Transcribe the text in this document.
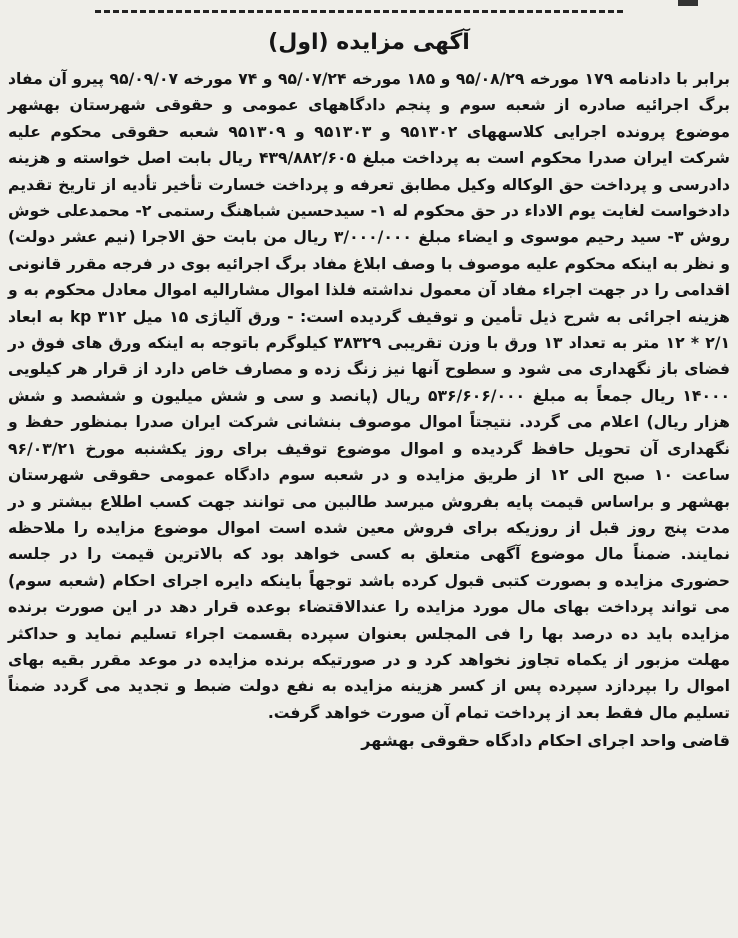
آگهی مزایده (اول)

برابر با دادنامه ۱۷۹ مورخه ۹۵/۰۸/۲۹ و ۱۸۵ مورخه ۹۵/۰۷/۲۴ و ۷۴ مورخه ۹۵/۰۹/۰۷ پیرو آن مفاد برگ اجرائیه صادره از شعبه سوم و پنجم دادگاههای عمومی و حقوقی شهرستان بهشهر موضوع پرونده اجرایی کلاسههای ۹۵۱۳۰۲ و ۹۵۱۳۰۳ و ۹۵۱۳۰۹ شعبه حقوقی محکوم علیه شرکت ایران صدرا محکوم است به پرداخت مبلغ ۴۳۹/۸۸۲/۶۰۵ ریال بابت اصل خواسته و هزینه دادرسی و پرداخت حق الوکاله وکیل مطابق تعرفه و پرداخت خسارت تأخیر تأدیه از تاریخ تقدیم دادخواست لغایت یوم الاداء در حق محکوم له ۱- سیدحسین شباهنگ رستمی ۲- محمدعلی خوش روش ۳- سید رحیم موسوی و ایضاء مبلغ ۳/۰۰۰/۰۰۰ ریال من بابت حق الاجرا (نیم عشر دولت) و نظر به اینکه محکوم علیه موصوف با وصف ابلاغ مفاد برگ اجرائیه بوی در فرجه مقرر قانونی اقدامی را در جهت اجراء مفاد آن معمول نداشته فلذا اموال مشارالیه اموال معادل محکوم به و هزینه اجرائی به شرح ذیل تأمین و توقیف گردیده است: - ورق آلیاژی ۱۵ میل ۳۱۲ kp به ابعاد ۲/۱ * ۱۲ متر به تعداد ۱۳ ورق با وزن تقریبی ۳۸۳۲۹ کیلوگرم باتوجه به اینکه ورق های فوق در فضای باز نگهداری می شود و سطوح آنها نیز زنگ زده و مصارف خاص دارد از قرار هر کیلویی ۱۴۰۰۰ ریال جمعاً به مبلغ ۵۳۶/۶۰۶/۰۰۰ ریال (پانصد و سی و شش میلیون و ششصد و شش هزار ریال) اعلام می گردد. نتیجتاً اموال موصوف بنشانی شرکت ایران صدرا بمنظور حفظ و نگهداری آن تحویل حافظ گردیده و اموال موضوع توقیف برای روز یکشنبه مورخ ۹۶/۰۳/۲۱ ساعت ۱۰ صبح الی ۱۲ از طریق مزایده و در شعبه سوم دادگاه عمومی حقوقی شهرستان بهشهر و براساس قیمت پایه بفروش میرسد طالبین می توانند جهت کسب اطلاع بیشتر و در مدت پنج روز قبل از روزیکه برای فروش معین شده است اموال موضوع مزایده را ملاحظه نمایند. ضمناً مال موضوع آگهی متعلق به کسی خواهد بود که بالاترین قیمت را در جلسه حضوری مزایده و بصورت کتبی قبول کرده باشد توجهاً باینکه دایره اجرای احکام (شعبه سوم) می تواند پرداخت بهای مال مورد مزایده را عندالاقتضاء بوعده قرار دهد در این صورت برنده مزایده باید ده درصد بها را فی المجلس بعنوان سپرده بقسمت اجراء تسلیم نماید و حداکثر مهلت مزبور از یکماه تجاوز نخواهد کرد و در صورتیکه برنده مزایده در موعد مقرر بقیه بهای اموال را بپردازد سپرده پس از کسر هزینه مزایده به نفع دولت ضبط و تجدید می گردد ضمناً تسلیم مال فقط بعد از پرداخت تمام آن صورت خواهد گرفت.

قاضی واحد اجرای احکام دادگاه حقوقی بهشهر
